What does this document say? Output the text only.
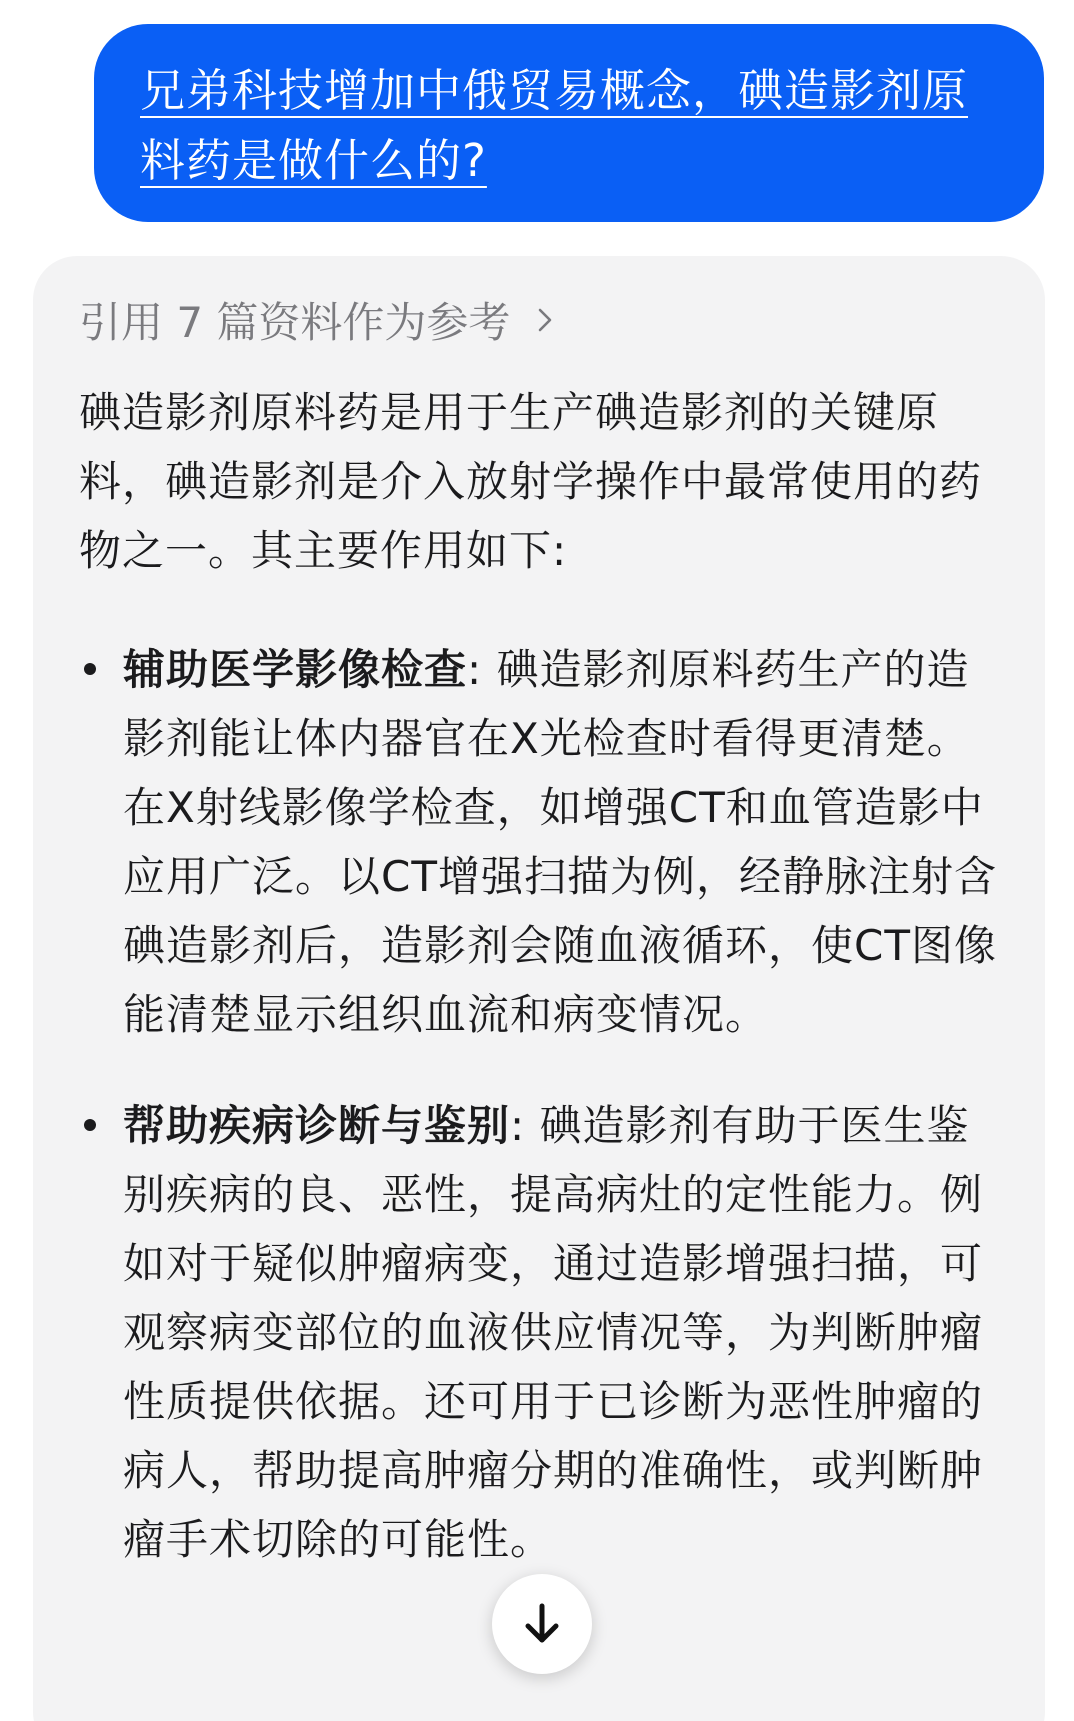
兄弟科技增加中俄贸易概念，碘造影剂原料药是做什么的?

引用 7 篇资料作为参考

碘造影剂原料药是用于生产碘造影剂的关键原料，碘造影剂是介入放射学操作中最常使用的药物之一。其主要作用如下:

辅助医学影像检查: 碘造影剂原料药生产的造影剂能让体内器官在X光检查时看得更清楚。在X射线影像学检查，如增强CT和血管造影中应用广泛。以CT增强扫描为例，经静脉注射含碘造影剂后，造影剂会随血液循环，使CT图像能清楚显示组织血流和病变情况。
帮助疾病诊断与鉴别: 碘造影剂有助于医生鉴别疾病的良、恶性，提高病灶的定性能力。例如对于疑似肿瘤病变，通过造影增强扫描，可观察病变部位的血液供应情况等，为判断肿瘤性质提供依据。还可用于已诊断为恶性肿瘤的病人，帮助提高肿瘤分期的准确性，或判断肿瘤手术切除的可能性。
